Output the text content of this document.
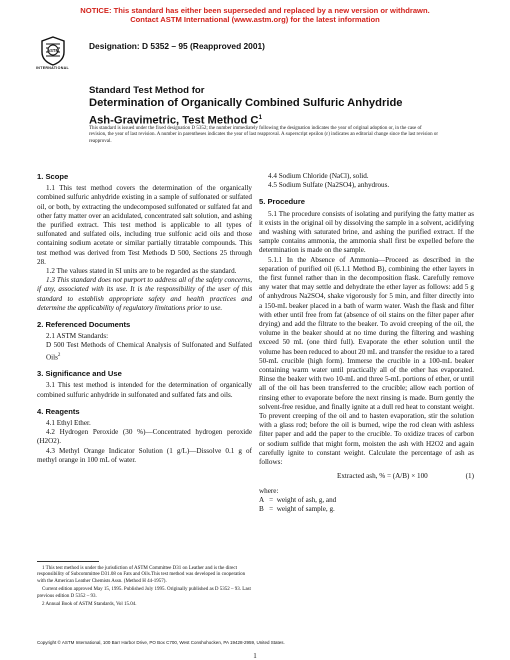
NOTICE: This standard has either been superseded and replaced by a new version or withdrawn.
Contact ASTM International (www.astm.org) for the latest information
ASTM
INTERNATIONAL
Designation: D 5352 – 95 (Reapproved 2001)
Standard Test Method for
Determination of Organically Combined Sulfuric Anhydride
Ash-Gravimetric, Test Method $C^1$
This standard is issued under the fixed designation D 5352; the number immediately following the designation indicates the year of original adoption or, in the case of revision, the year of last revision. A number in parentheses indicates the year of last reapproval. A superscript epsilon (ε) indicates an editorial change since the last revision or reapproval.
1. Scope

1.1 This test method covers the determination of the organically combined sulfuric anhydride existing in a sample of sulfonated or sulfated oil, or both, by extracting the undecomposed sulfonated or sulfated fat and other fatty matter over an acidulated, concentrated salt solution, and ashing the purified extract. This test method is applicable to all types of sulfonated and sulfated oils, including true sulfonic acid oils and those containing sodium acetate or similar partially titratable compounds. This test method was derived from Test Methods D 500, Sections 25 through 28.

1.2 The values stated in SI units are to be regarded as the standard.

1.3 This standard does not purport to address all of the safety concerns, if any, associated with its use. It is the responsibility of the user of this standard to establish appropriate safety and health practices and determine the applicability of regulatory limitations prior to use.

2. Referenced Documents

2.1 ASTM Standards:

D 500 Test Methods of Chemical Analysis of Sulfonated and Sulfated Oils$^2$

3. Significance and Use

3.1 This test method is intended for the determination of organically combined sulfuric anhydride in sulfonated and sulfated fats and oils.

4. Reagents

4.1 Ethyl Ether.

4.2 Hydrogen Peroxide (30 %)—Concentrated hydrogen peroxide (H2O2).

4.3 Methyl Orange Indicator Solution (1 g/L)—Dissolve 0.1 g of methyl orange in 100 mL of water.

4.4 Sodium Chloride (NaCl), solid.

4.5 Sodium Sulfate (Na2SO4), anhydrous.

5. Procedure

5.1 The procedure consists of isolating and purifying the fatty matter as it exists in the original oil by dissolving the sample in a solvent, acidifying and washing with saturated brine, and ashing the purified extract. If the sample contains ammonia, the ammonia shall first be expelled before the determination is made on the sample.

5.1.1 In the Absence of Ammonia—Proceed as described in the separation of purified oil (6.1.1 Method B), combining the ether layers in the first funnel rather than in the decomposition flask. Carefully remove any water that may settle and dehydrate the ether layer as follows: add 5 g of anhydrous Na2SO4, shake vigorously for 5 min, and filter directly into a 150-mL beaker placed in a bath of warm water. Wash the flask and filter with ether until free from fat (absence of oil stains on the filter paper after drying) and add the filtrate to the beaker. To avoid creeping of the oil, the volume in the beaker should at no time during the filtering and washing exceed 50 mL (one third full). Evaporate the ether solution until the volume has been reduced to about 20 mL and transfer the residue to a tared 50-mL crucible (high form). Immerse the crucible in a 100-mL beaker containing warm water until practically all of the ether has evaporated. Rinse the beaker with two 10-mL and three 5-mL portions of ether, or until all of the oil has been transferred to the crucible; allow each portion of rinsing ether to evaporate before the next rinsing is made. Burn gently the solvent-free residue, and finally ignite at a dull red heat to constant weight. To prevent creeping of the oil and to hasten evaporation, stir the solution with a glass rod; before the oil is burned, wipe the rod clean with ashless filter paper and add the paper to the crucible. To oxidize traces of carbon or sodium sulfide that might form, moisten the ash with H2O2 and again carefully ignite to constant weight. Calculate the percentage of ash as follows:

Extracted ash, % = (A/B) × 100	(1)

where:

A   =  weight of ash, g, and

B   =  weight of sample, g.

1 This test method is under the jurisdiction of ASTM Committee D31 on Leather and is the direct responsibility of Subcommittee D31.08 on Fats and Oils.This test method was developed in cooperation with the American Leather Chemists Assn. (Method H 44-1957).

Current edition approved May 15, 1995. Published July 1995. Originally published as D 5352 – 93. Last previous edition D 5352 – 93.

2 Annual Book of ASTM Standards, Vol 15.04.

Copyright © ASTM International, 100 Barr Harbor Drive, PO Box C700, West Conshohocken, PA 19428-2959, United States.
1
